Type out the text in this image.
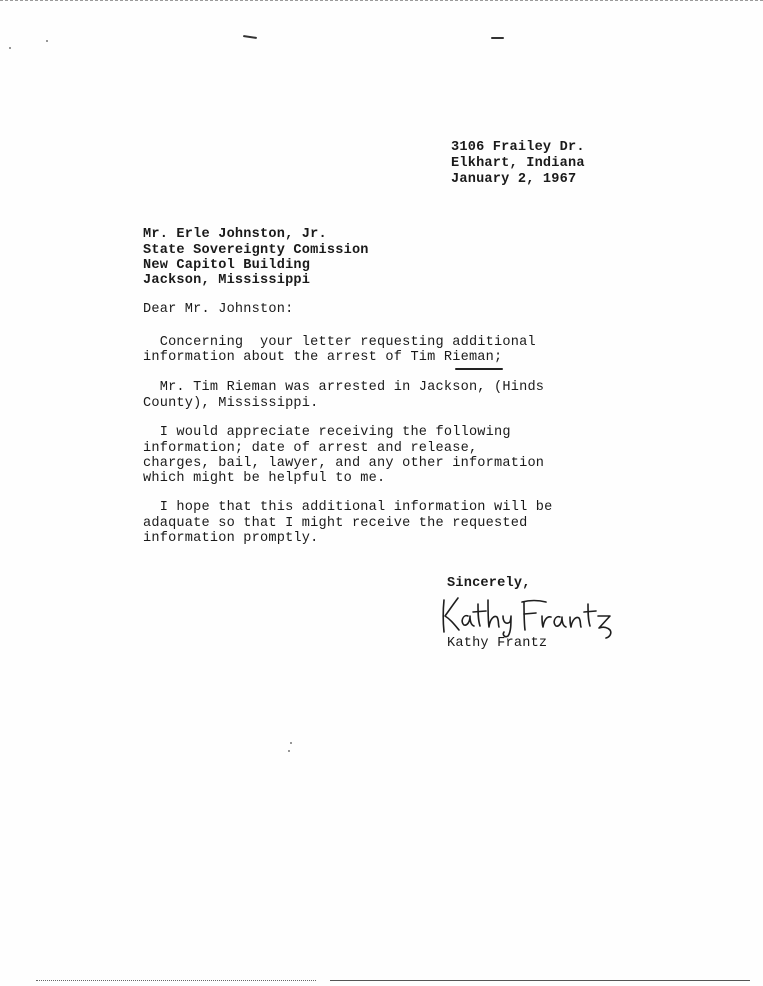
3106 Frailey Dr.
Elkhart, Indiana
January 2, 1967
Mr. Erle Johnston, Jr.
State Sovereignty Comission
New Capitol Building
Jackson, Mississippi
Dear Mr. Johnston:
Concerning  your letter requesting additional
information about the arrest of Tim Rieman;
Mr. Tim Rieman was arrested in Jackson, (Hinds
County), Mississippi.
I would appreciate receiving the following
information; date of arrest and release,
charges, bail, lawyer, and any other information
which might be helpful to me.
I hope that this additional information will be
adaquate so that I might receive the requested
information promptly.
Sincerely,
Kathy Frantz
